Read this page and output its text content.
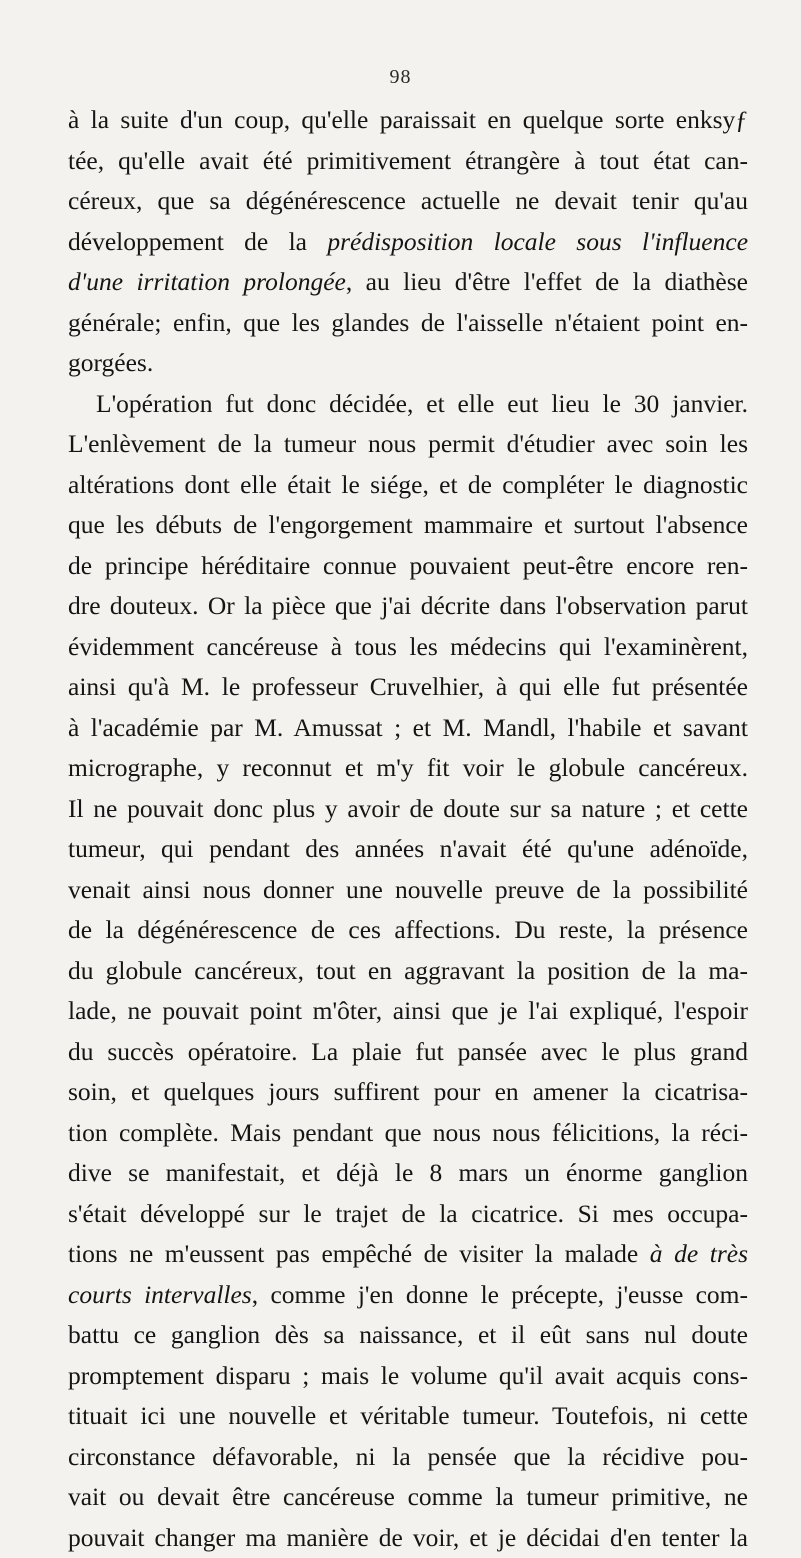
98
à la suite d'un coup, qu'elle paraissait en quelque sorte enksyƒ
tée, qu'elle avait été primitivement étrangère à tout état can-
céreux, que sa dégénérescence actuelle ne devait tenir qu'au
développement de la prédisposition locale sous l'influence
d'une irritation prolongée, au lieu d'être l'effet de la diathèse
générale; enfin, que les glandes de l'aisselle n'étaient point en-
gorgées.
L'opération fut donc décidée, et elle eut lieu le 30 janvier.
L'enlèvement de la tumeur nous permit d'étudier avec soin les
altérations dont elle était le siége, et de compléter le diagnostic
que les débuts de l'engorgement mammaire et surtout l'absence
de principe héréditaire connue pouvaient peut-être encore ren-
dre douteux. Or la pièce que j'ai décrite dans l'observation parut
évidemment cancéreuse à tous les médecins qui l'examinèrent,
ainsi qu'à M. le professeur Cruvelhier, à qui elle fut présentée
à l'académie par M. Amussat ; et M. Mandl, l'habile et savant
micrographe, y reconnut et m'y fit voir le globule cancéreux.
Il ne pouvait donc plus y avoir de doute sur sa nature ; et cette
tumeur, qui pendant des années n'avait été qu'une adénoïde,
venait ainsi nous donner une nouvelle preuve de la possibilité
de la dégénérescence de ces affections. Du reste, la présence
du globule cancéreux, tout en aggravant la position de la ma-
lade, ne pouvait point m'ôter, ainsi que je l'ai expliqué, l'espoir
du succès opératoire. La plaie fut pansée avec le plus grand
soin, et quelques jours suffirent pour en amener la cicatrisa-
tion complète. Mais pendant que nous nous félicitions, la réci-
dive se manifestait, et déjà le 8 mars un énorme ganglion
s'était développé sur le trajet de la cicatrice. Si mes occupa-
tions ne m'eussent pas empêché de visiter la malade à de très
courts intervalles, comme j'en donne le précepte, j'eusse com-
battu ce ganglion dès sa naissance, et il eût sans nul doute
promptement disparu ; mais le volume qu'il avait acquis cons-
tituait ici une nouvelle et véritable tumeur. Toutefois, ni cette
circonstance défavorable, ni la pensée que la récidive pou-
vait ou devait être cancéreuse comme la tumeur primitive, ne
pouvait changer ma manière de voir, et je décidai d'en tenter la
